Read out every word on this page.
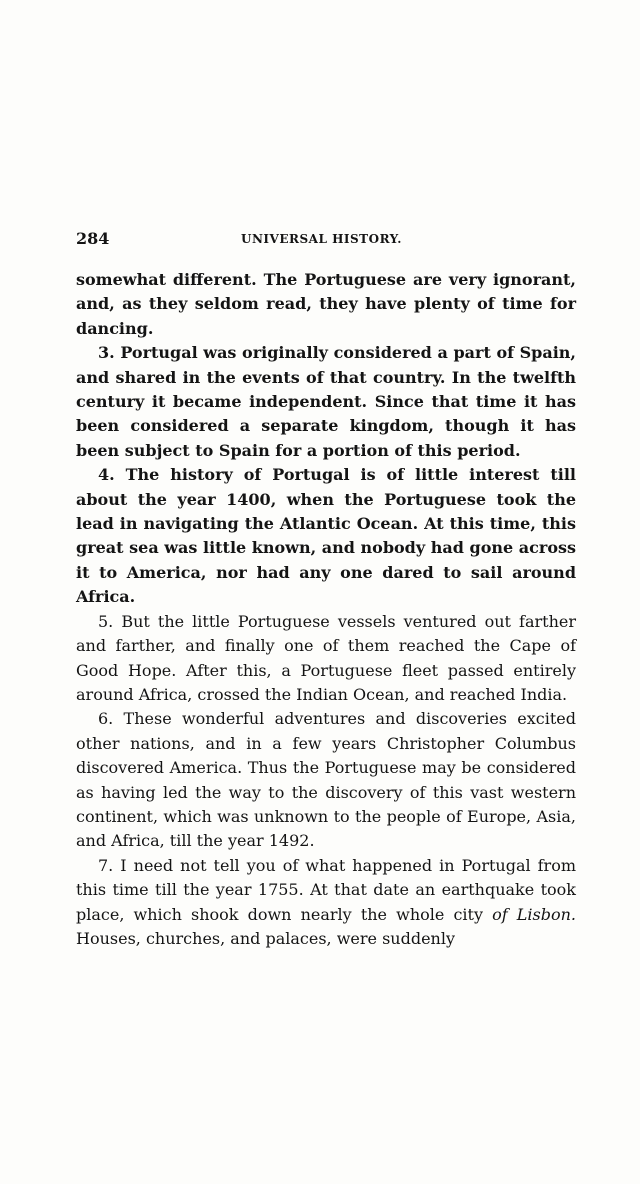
284	UNIVERSAL HISTORY.

somewhat different. The Portuguese are very ignorant, and, as they seldom read, they have plenty of time for dancing.

3. Portugal was originally considered a part of Spain, and shared in the events of that country. In the twelfth century it became independent. Since that time it has been considered a separate kingdom, though it has been subject to Spain for a portion of this period.

4. The history of Portugal is of little interest till about the year 1400, when the Portuguese took the lead in navigating the Atlantic Ocean. At this time, this great sea was little known, and nobody had gone across it to America, nor had any one dared to sail around Africa.

5. But the little Portuguese vessels ventured out farther and farther, and finally one of them reached the Cape of Good Hope. After this, a Portuguese fleet passed entirely around Africa, crossed the Indian Ocean, and reached India.

6. These wonderful adventures and discoveries excited other nations, and in a few years Christopher Columbus discovered America. Thus the Portuguese may be considered as having led the way to the discovery of this vast western continent, which was unknown to the people of Europe, Asia, and Africa, till the year 1492.

7. I need not tell you of what happened in Portugal from this time till the year 1755. At that date an earthquake took place, which shook down nearly the whole city of Lisbon. Houses, churches, and palaces, were suddenly
